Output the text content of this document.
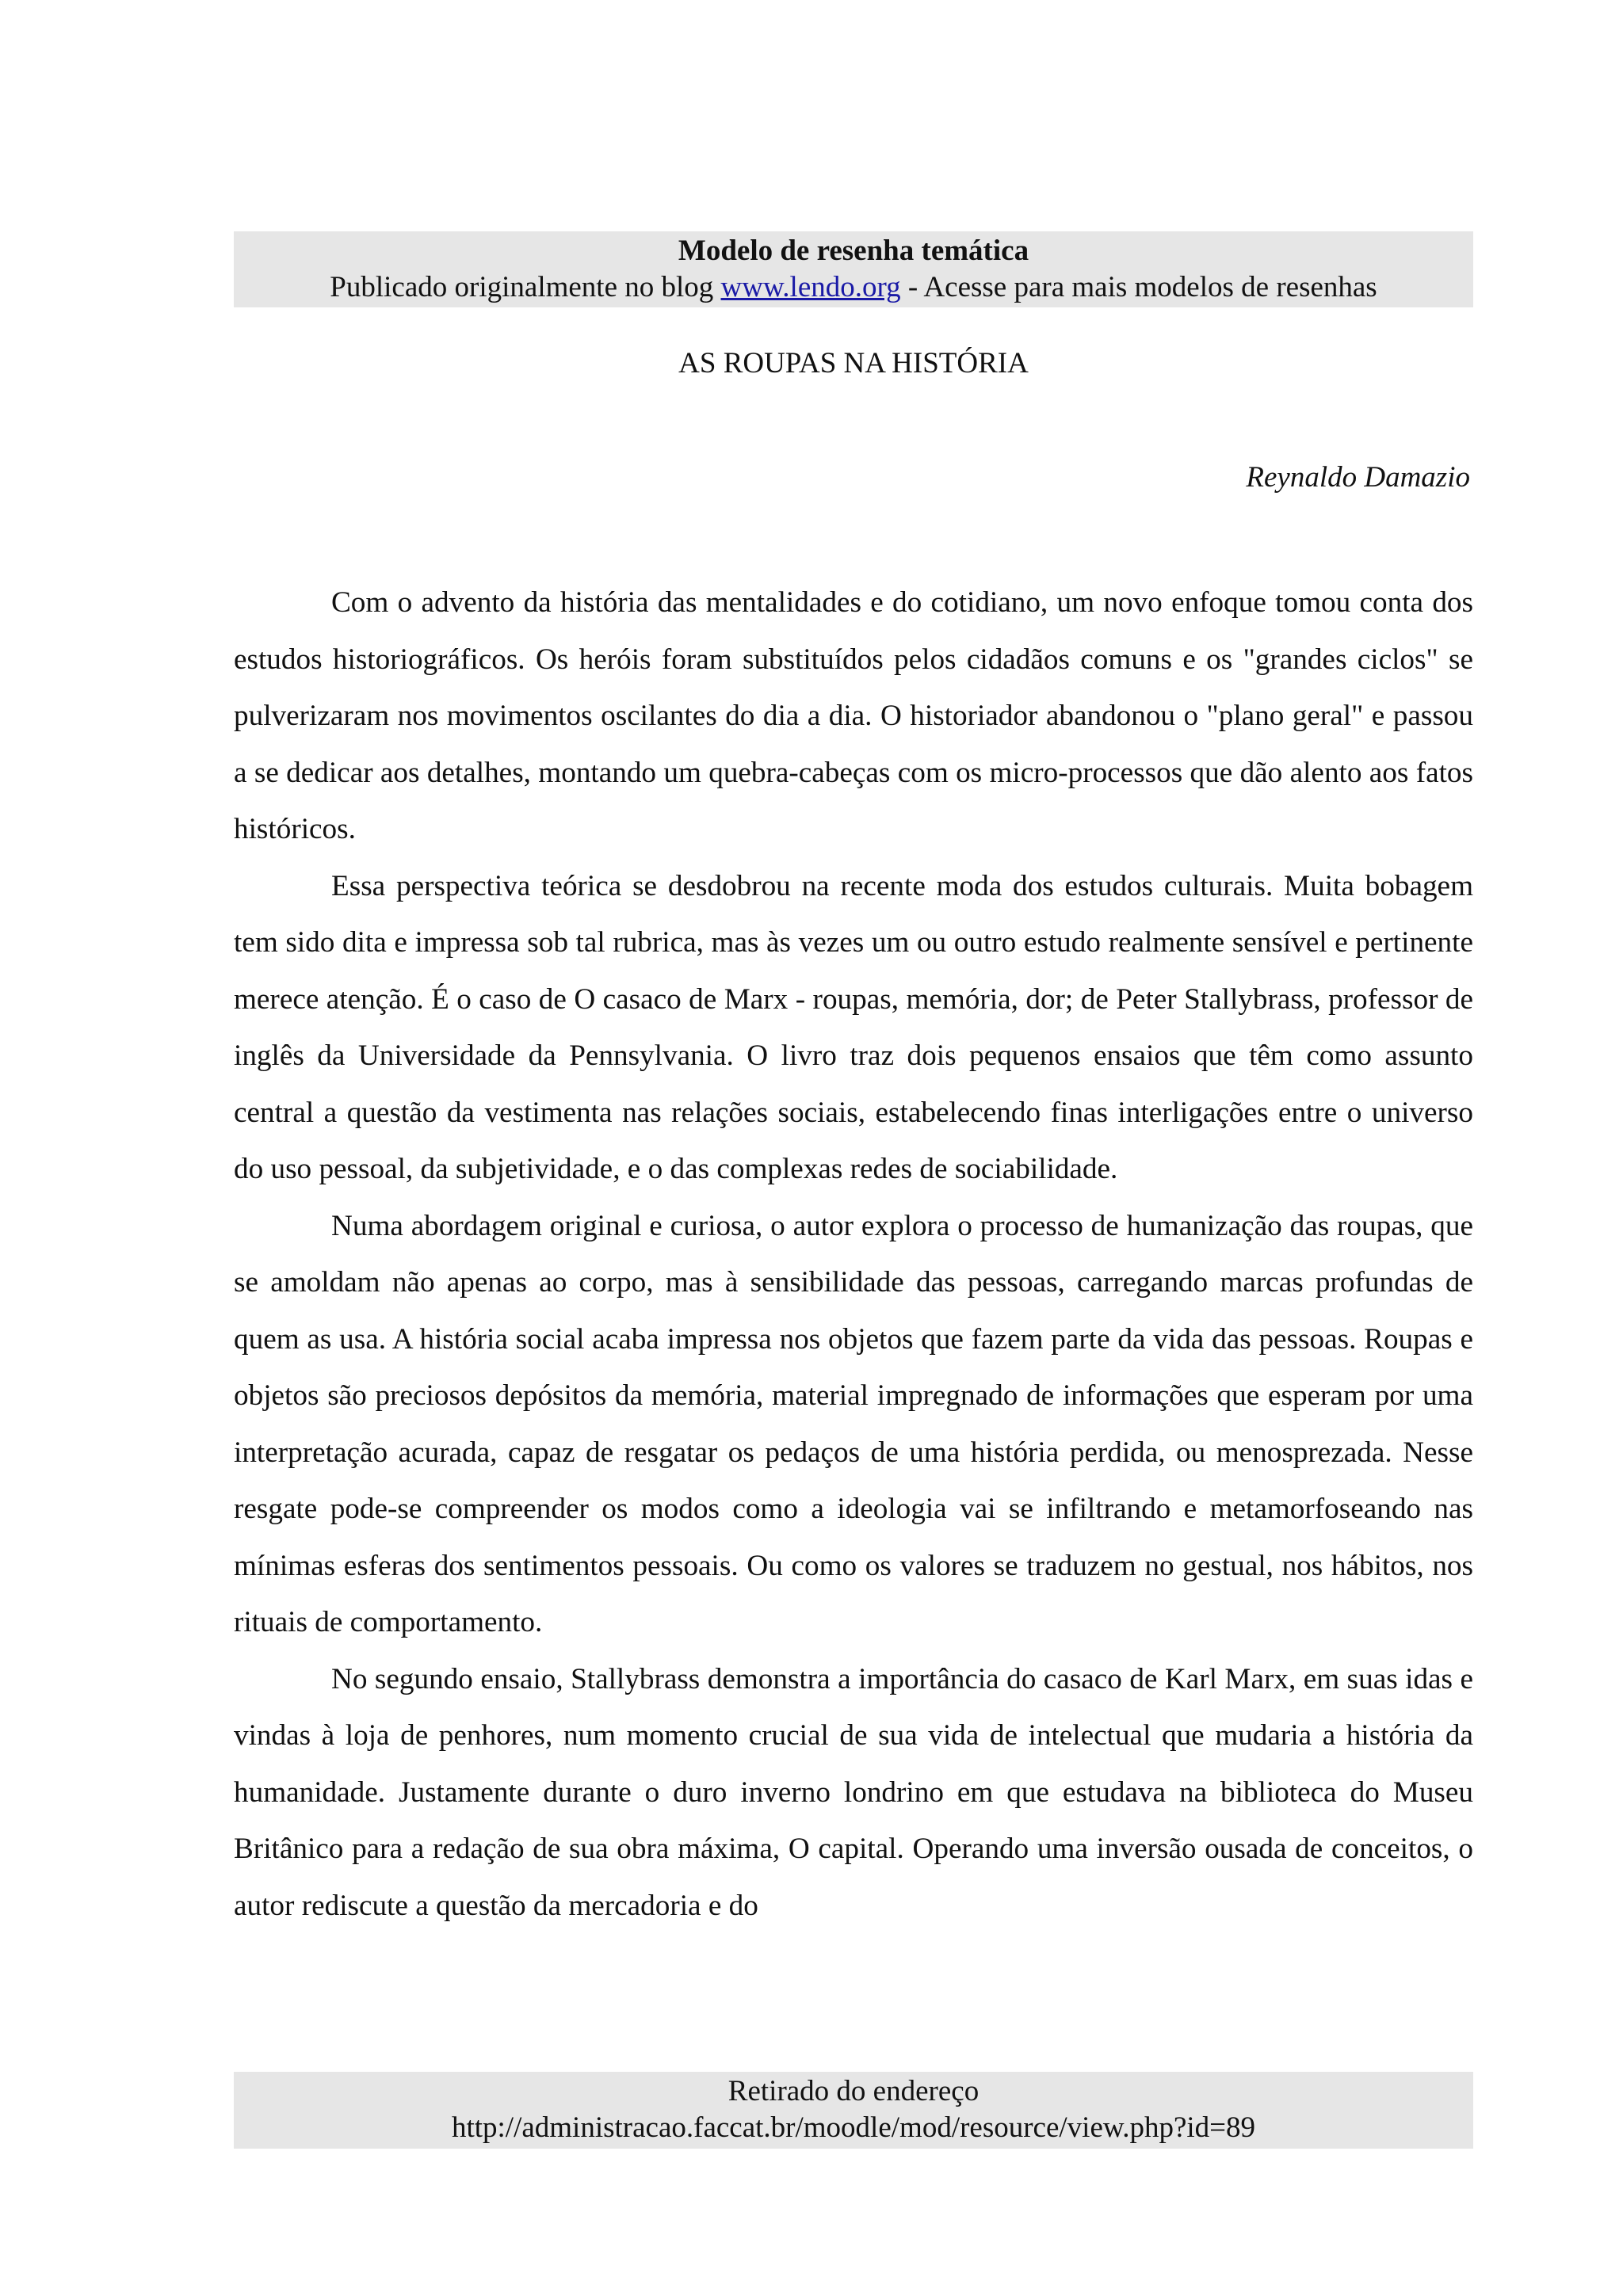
Modelo de resenha temática
Publicado originalmente no blog www.lendo.org - Acesse para mais modelos de resenhas
AS ROUPAS NA HISTÓRIA
Reynaldo Damazio

Com o advento da história das mentalidades e do cotidiano, um novo enfoque tomou conta dos estudos historiográficos. Os heróis foram substituídos pelos cidadãos comuns e os "grandes ciclos" se pulverizaram nos movimentos oscilantes do dia a dia. O historiador abandonou o "plano geral" e passou a se dedicar aos detalhes, montando um quebra-cabeças com os micro-processos que dão alento aos fatos históricos.

Essa perspectiva teórica se desdobrou na recente moda dos estudos culturais. Muita bobagem tem sido dita e impressa sob tal rubrica, mas às vezes um ou outro estudo realmente sensível e pertinente merece atenção. É o caso de O casaco de Marx - roupas, memória, dor; de Peter Stallybrass, professor de inglês da Universidade da Pennsylvania. O livro traz dois pequenos ensaios que têm como assunto central a questão da vestimenta nas relações sociais, estabelecendo finas interligações entre o universo do uso pessoal, da subjetividade, e o das complexas redes de sociabilidade.

Numa abordagem original e curiosa, o autor explora o processo de humanização das roupas, que se amoldam não apenas ao corpo, mas à sensibilidade das pessoas, carregando marcas profundas de quem as usa. A história social acaba impressa nos objetos que fazem parte da vida das pessoas. Roupas e objetos são preciosos depósitos da memória, material impregnado de informações que esperam por uma interpretação acurada, capaz de resgatar os pedaços de uma história perdida, ou menosprezada. Nesse resgate pode-se compreender os modos como a ideologia vai se infiltrando e metamorfoseando nas mínimas esferas dos sentimentos pessoais. Ou como os valores se traduzem no gestual, nos hábitos, nos rituais de comportamento.

No segundo ensaio, Stallybrass demonstra a importância do casaco de Karl Marx, em suas idas e vindas à loja de penhores, num momento crucial de sua vida de intelectual que mudaria a história da humanidade. Justamente durante o duro inverno londrino em que estudava na biblioteca do Museu Britânico para a redação de sua obra máxima, O capital. Operando uma inversão ousada de conceitos, o autor rediscute a questão da mercadoria e do

Retirado do endereço
http://administracao.faccat.br/moodle/mod/resource/view.php?id=89
